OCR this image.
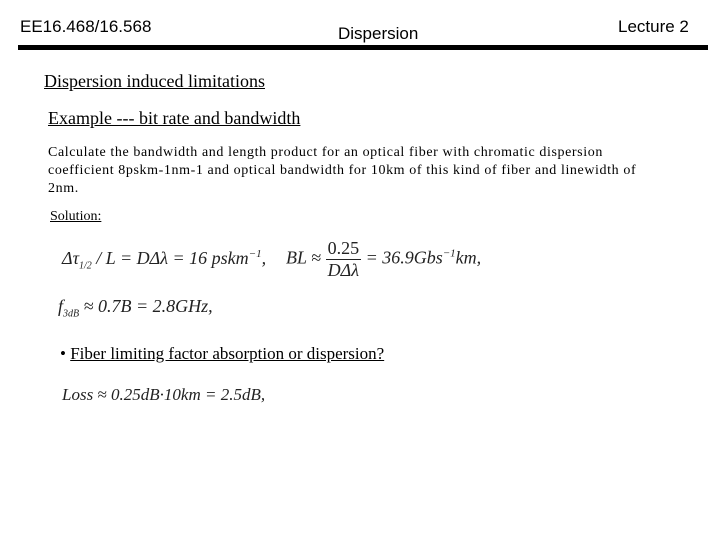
EE16.468/16.568	Dispersion	Lecture 2
Dispersion induced limitations
Example --- bit rate and bandwidth
Calculate the bandwidth and length product for an optical fiber with chromatic dispersion coefficient 8pskm-1nm-1 and optical bandwidth for 10km of this kind of fiber and linewidth of 2nm.
Solution:
$\Delta\tau_{1/2} / L = D\Delta\lambda = 16$ pskm$^{-1}$, BL ≈ $\frac{0.25}{\text{DΔλ}} = 36.9Gbs^{-1}km$,
$f_{3dB} \approx 0.7B = 2.8GHz$,
• Fiber limiting factor absorption or dispersion?
Loss ≈ 0.25dB·10km = 2.5dB,
